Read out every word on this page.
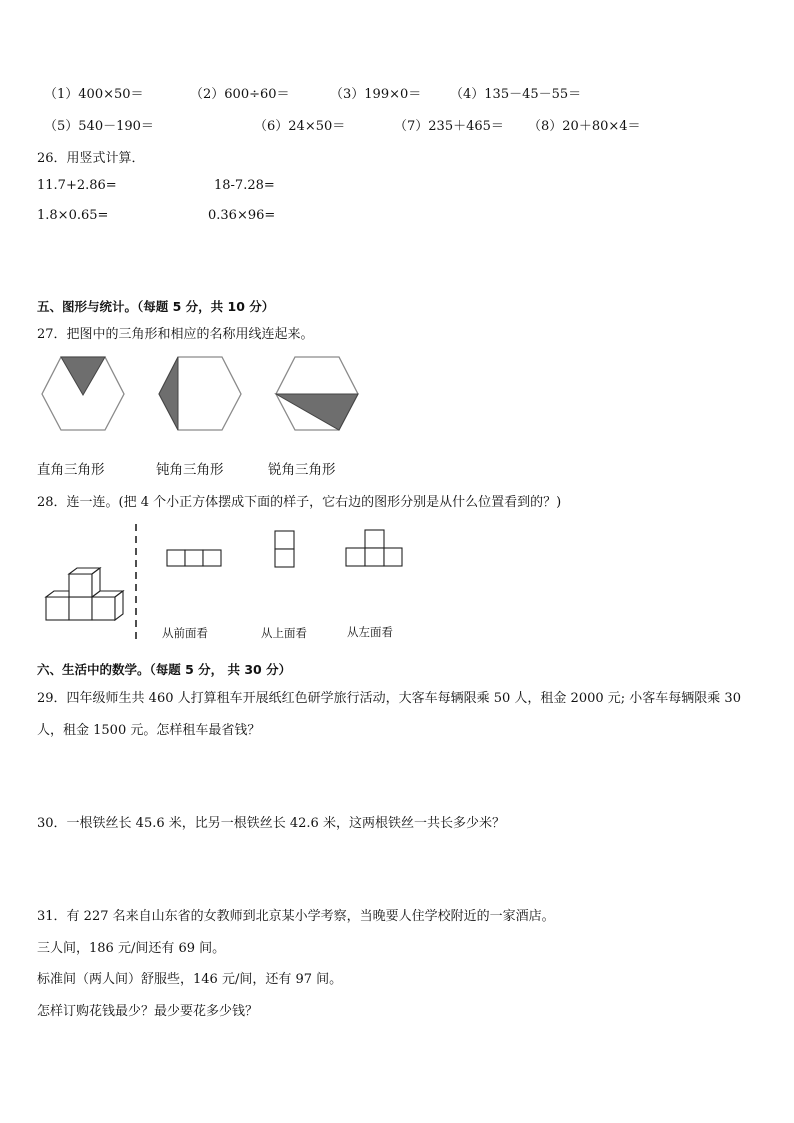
（1）400×50＝	（2）600÷60＝	（3）199×0＝ （4）135－45－55＝
（5）540－190＝	（6）24×50＝	（7）235＋465＝ （8）20＋80×4＝
26．用竖式计算．
11.7+2.86=	18-7.28=
1.8×0.65=	0.36×96=
五、图形与统计。（每题 5 分，共 10 分）
27．把图中的三角形和相应的名称用线连起来。
直角三角形	钝角三角形	锐角三角形
28．连一连。(把 4 个小正方体摆成下面的样子，它右边的图形分别是从什么位置看到的？)
从前面看	从上面看	从左面看
六、生活中的数学。（每题 5 分， 共 30 分）
29．四年级师生共 460 人打算租车开展纸红色研学旅行活动，大客车每辆限乘 50 人，租金 2000 元; 小客车每辆限乘 30
人，租金 1500 元。怎样租车最省钱？
30．一根铁丝长 45.6 米，比另一根铁丝长 42.6 米，这两根铁丝一共长多少米？
31．有 227 名来自山东省的女教师到北京某小学考察，当晚要人住学校附近的一家酒店。
三人间，186 元/间还有 69 间。
标准间（两人间）舒服些，146 元/间，还有 97 间。
怎样订购花钱最少？最少要花多少钱？
